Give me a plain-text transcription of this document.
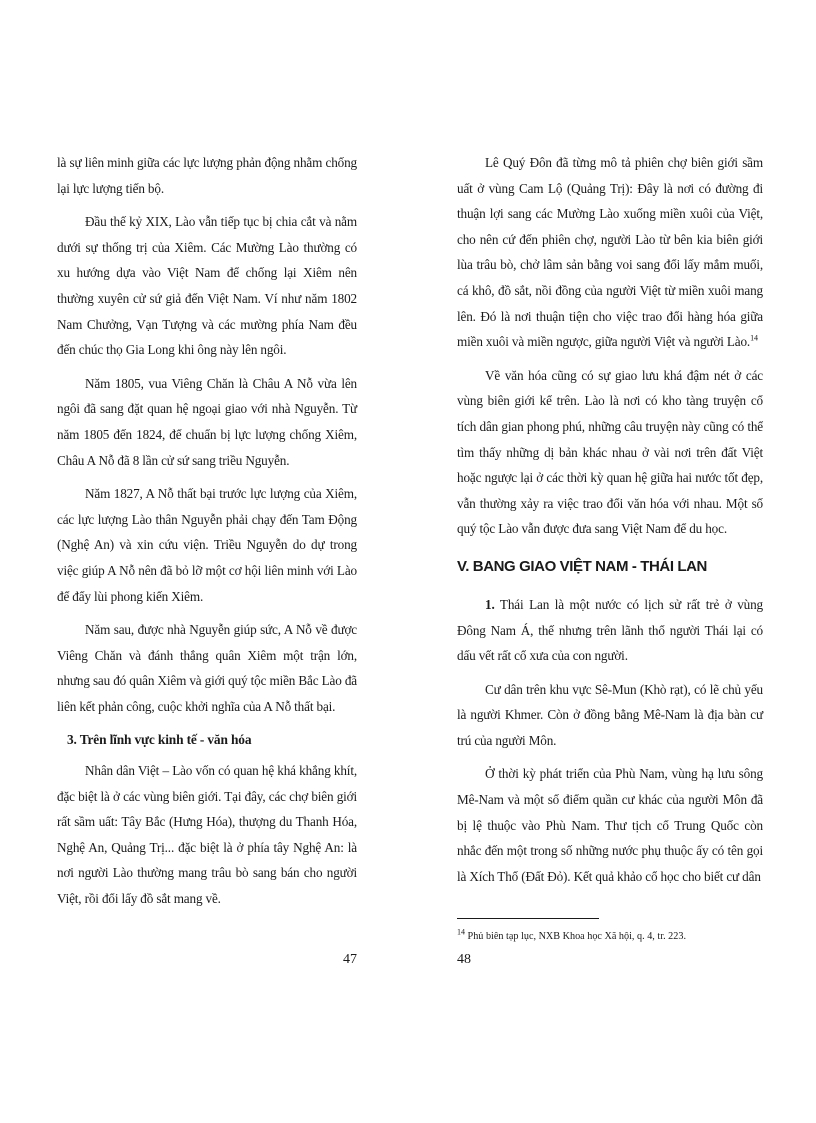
là sự liên minh giữa các lực lượng phản động nhằm chống lại lực lượng tiến bộ.

Đầu thế kỷ XIX, Lào vẫn tiếp tục bị chia cắt và nằm dưới sự thống trị của Xiêm. Các Mường Lào thường có xu hướng dựa vào Việt Nam để chống lại Xiêm nên thường xuyên cử sứ giả đến Việt Nam. Ví như năm 1802 Nam Chưởng, Vạn Tượng và các mường phía Nam đều đến chúc thọ Gia Long khi ông này lên ngôi.

Năm 1805, vua Viêng Chăn là Châu A Nỗ vừa lên ngôi đã sang đặt quan hệ ngoại giao với nhà Nguyễn. Từ năm 1805 đến 1824, để chuẩn bị lực lượng chống Xiêm, Châu A Nỗ đã 8 lần cử sứ sang triều Nguyễn.

Năm 1827, A Nỗ thất bại trước lực lượng của Xiêm, các lực lượng Lào thân Nguyễn phải chạy đến Tam Động (Nghệ An) và xin cứu viện. Triều Nguyễn do dự trong việc giúp A Nỗ nên đã bỏ lỡ một cơ hội liên minh với Lào để đẩy lùi phong kiến Xiêm.

Năm sau, được nhà Nguyễn giúp sức, A Nỗ về được Viêng Chăn và đánh thắng quân Xiêm một trận lớn, nhưng sau đó quân Xiêm và giới quý tộc miền Bắc Lào đã liên kết phản công, cuộc khởi nghĩa của A Nỗ thất bại.

3. Trên lĩnh vực kinh tế - văn hóa

Nhân dân Việt – Lào vốn có quan hệ khá khắng khít, đặc biệt là ở các vùng biên giới. Tại đây, các chợ biên giới rất sầm uất: Tây Bắc (Hưng Hóa), thượng du Thanh Hóa, Nghệ An, Quảng Trị... đặc biệt là ở phía tây Nghệ An: là nơi người Lào thường mang trâu bò sang bán cho người Việt, rồi đổi lấy đồ sắt mang về.

Lê Quý Đôn đã từng mô tả phiên chợ biên giới sầm uất ở vùng Cam Lộ (Quảng Trị): Đây là nơi có đường đi thuận lợi sang các Mường Lào xuống miền xuôi của Việt, cho nên cứ đến phiên chợ, người Lào từ bên kia biên giới lùa trâu bò, chở lâm sản bằng voi sang đổi lấy mắm muối, cá khô, đồ sắt, nồi đồng của người Việt từ miền xuôi mang lên. Đó là nơi thuận tiện cho việc trao đổi hàng hóa giữa miền xuôi và miền ngược, giữa người Việt và người Lào.$^{14}$

Về văn hóa cũng có sự giao lưu khá đậm nét ở các vùng biên giới kể trên. Lào là nơi có kho tàng truyện cổ tích dân gian phong phú, những câu truyện này cũng có thể tìm thấy những dị bản khác nhau ở vài nơi trên đất Việt hoặc ngược lại ở các thời kỳ quan hệ giữa hai nước tốt đẹp, vẫn thường xảy ra việc trao đổi văn hóa với nhau. Một số quý tộc Lào vẫn được đưa sang Việt Nam để du học.

V. BANG GIAO VIỆT NAM - THÁI LAN

1. Thái Lan là một nước có lịch sử rất trẻ ở vùng Đông Nam Á, thế nhưng trên lãnh thổ người Thái lại có dấu vết rất cổ xưa của con người.

Cư dân trên khu vực Sê-Mun (Khò rạt), có lẽ chủ yếu là người Khmer. Còn ở đồng bằng Mê-Nam là địa bàn cư trú của người Môn.

Ở thời kỳ phát triển của Phù Nam, vùng hạ lưu sông Mê-Nam và một số điểm quần cư khác của người Môn đã bị lệ thuộc vào Phù Nam. Thư tịch cổ Trung Quốc còn nhắc đến một trong số những nước phụ thuộc ấy có tên gọi là Xích Thổ (Đất Đỏ). Kết quả khảo cổ học cho biết cư dân

$^{14}$ Phủ biên tạp lục, NXB Khoa học Xã hội, q. 4, tr. 223.
47	48
